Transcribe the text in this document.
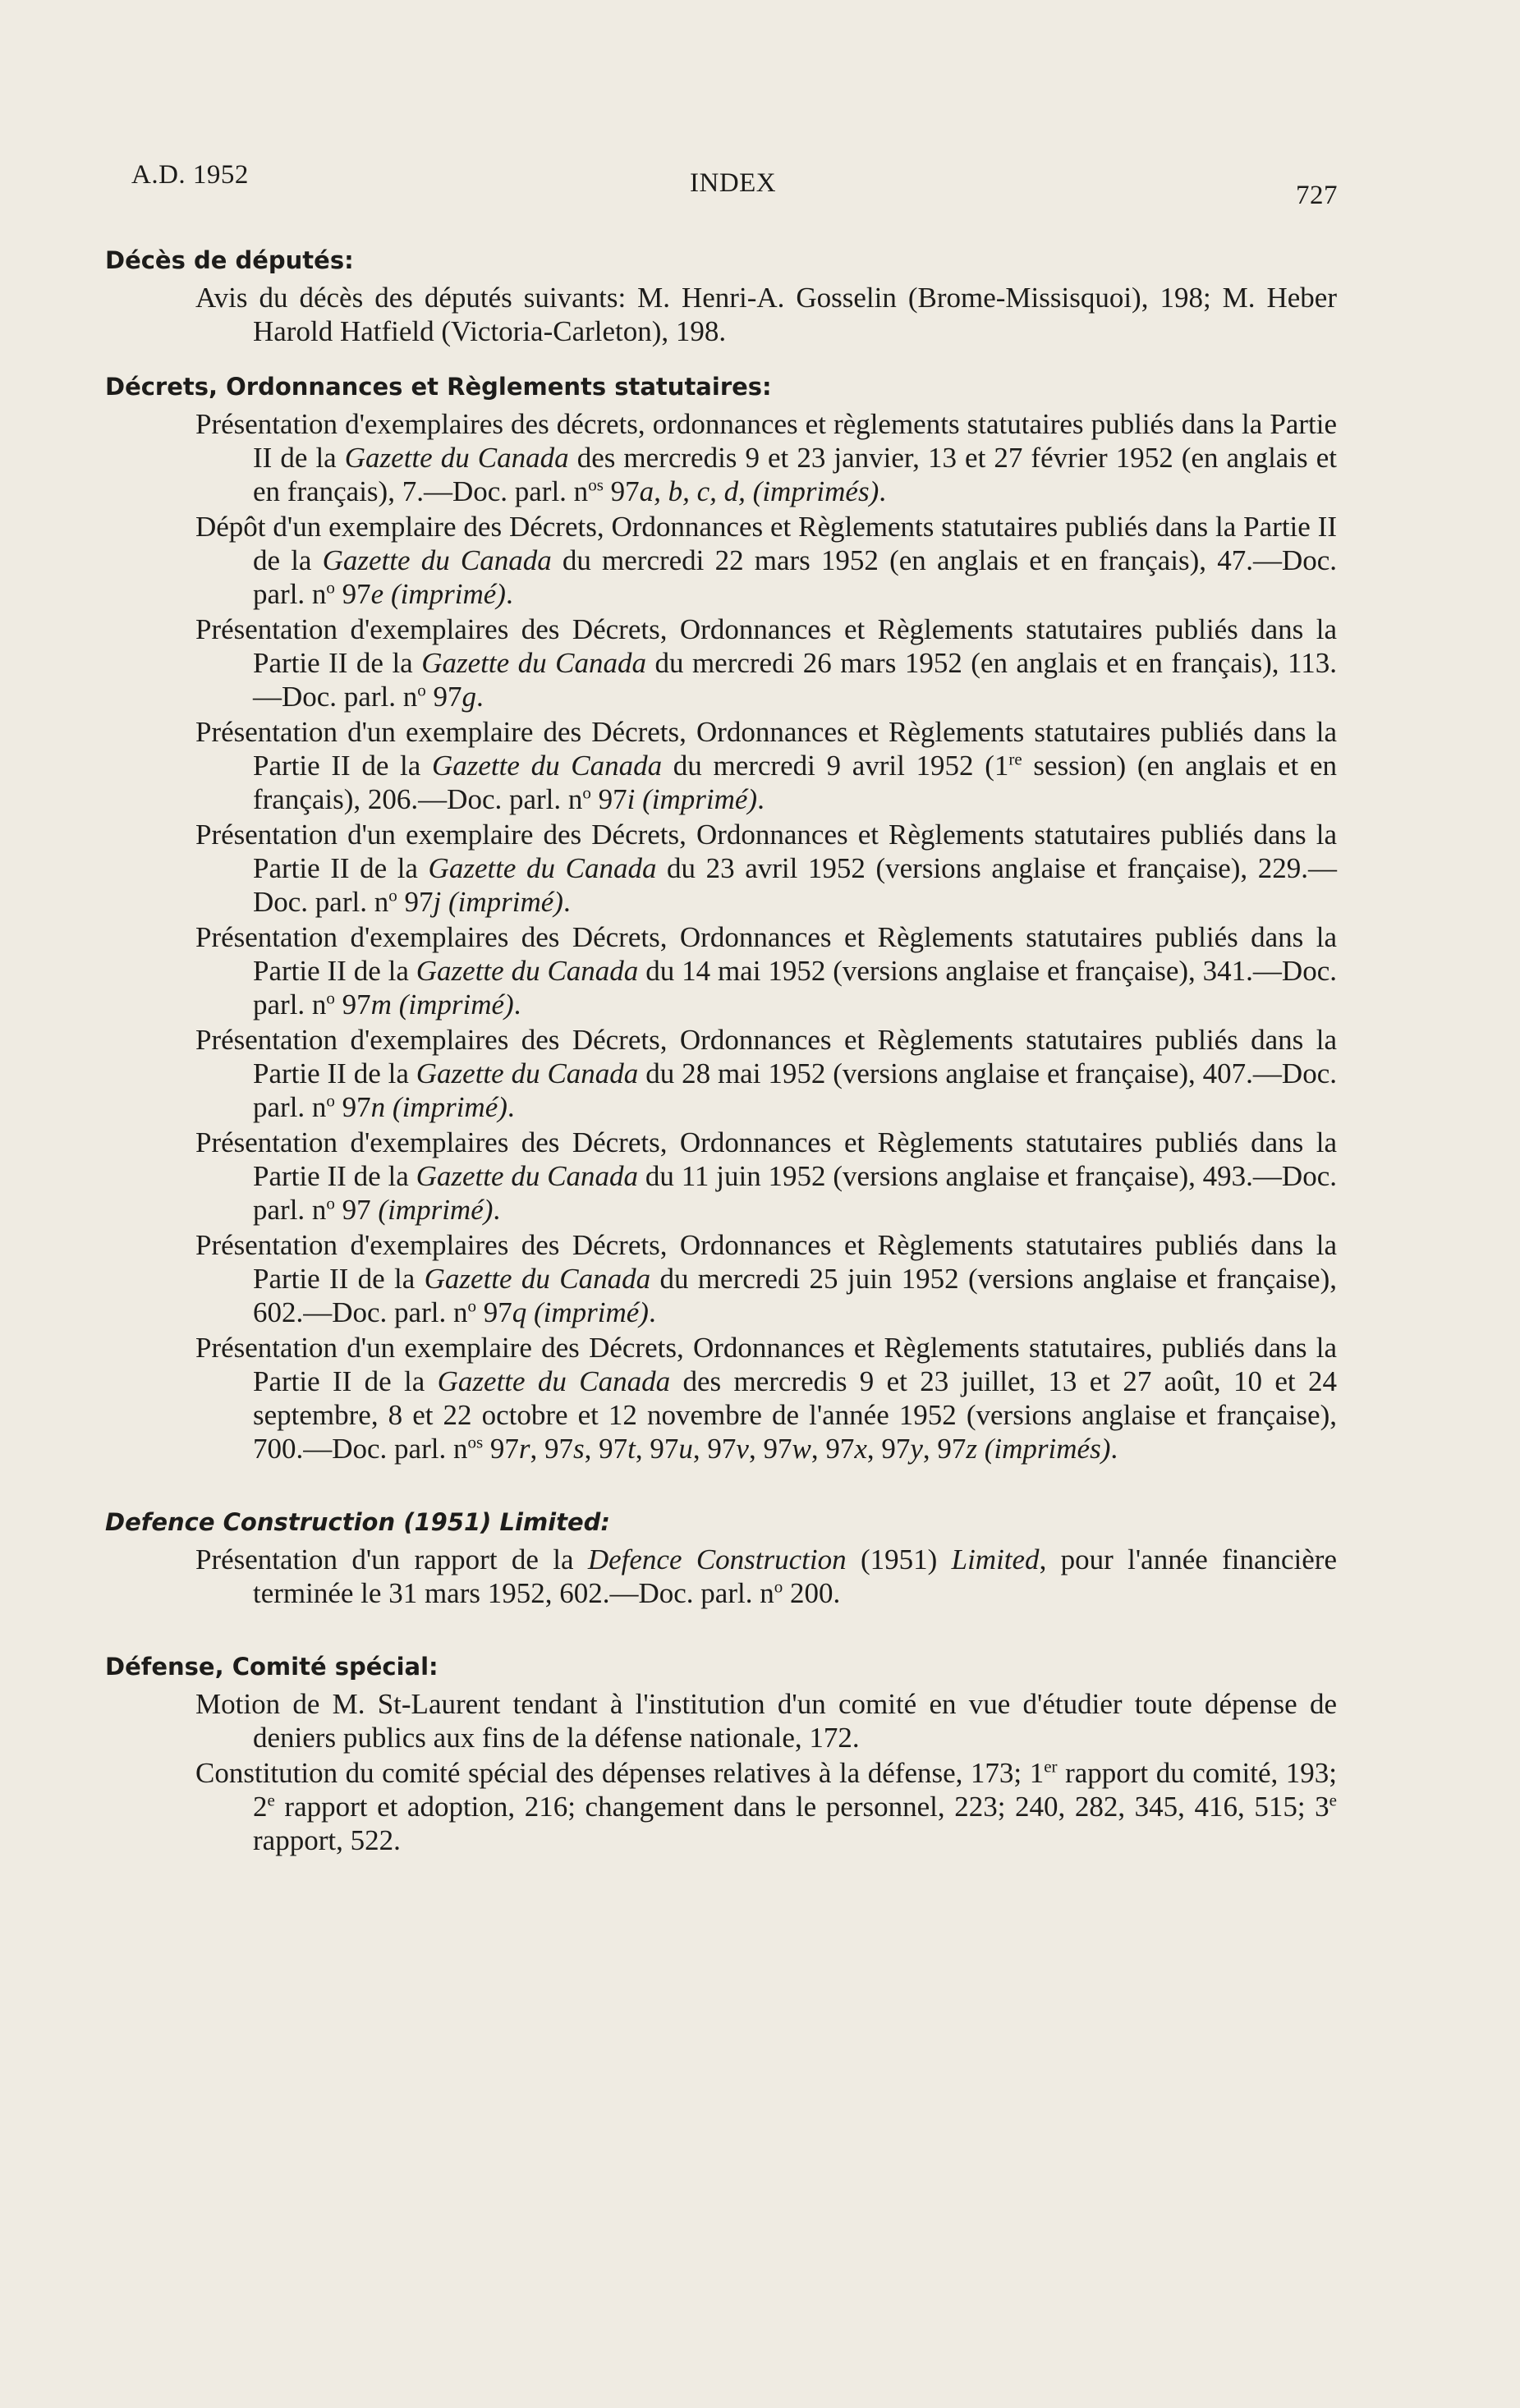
A.D. 1952	INDEX	727
Décès de députés:
Avis du décès des députés suivants: M. Henri-A. Gosselin (Brome-Missisquoi), 198; M. Heber Harold Hatfield (Victoria-Carleton), 198.
Décrets, Ordonnances et Règlements statutaires:
Présentation d'exemplaires des décrets, ordonnances et règlements statutaires publiés dans la Partie II de la Gazette du Canada des mercredis 9 et 23 janvier, 13 et 27 février 1952 (en anglais et en français), 7.—Doc. parl. $n^{os}$ 97a, b, c, d, (imprimés).
Dépôt d'un exemplaire des Décrets, Ordonnances et Règlements statutaires publiés dans la Partie II de la Gazette du Canada du mercredi 22 mars 1952 (en anglais et en français), 47.—Doc. parl. $n^o$ 97e (imprimé).
Présentation d'exemplaires des Décrets, Ordonnances et Règlements statutaires publiés dans la Partie II de la Gazette du Canada du mercredi 26 mars 1952 (en anglais et en français), 113.—Doc. parl. $n^o$ 97g.
Présentation d'un exemplaire des Décrets, Ordonnances et Règlements statutaires publiés dans la Partie II de la Gazette du Canada du mercredi 9 avril 1952 (1re session) (en anglais et en français), 206.—Doc. parl. $n^o$ 97i (imprimé).
Présentation d'un exemplaire des Décrets, Ordonnances et Règlements statutaires publiés dans la Partie II de la Gazette du Canada du 23 avril 1952 (versions anglaise et française), 229.—Doc. parl. $n^o$ 97j (imprimé).
Présentation d'exemplaires des Décrets, Ordonnances et Règlements statutaires publiés dans la Partie II de la Gazette du Canada du 14 mai 1952 (versions anglaise et française), 341.—Doc. parl. $n^o$ 97m (imprimé).
Présentation d'exemplaires des Décrets, Ordonnances et Règlements statutaires publiés dans la Partie II de la Gazette du Canada du 28 mai 1952 (versions anglaise et française), 407.—Doc. parl. $n^o$ 97n (imprimé).
Présentation d'exemplaires des Décrets, Ordonnances et Règlements statutaires publiés dans la Partie II de la Gazette du Canada du 11 juin 1952 (versions anglaise et française), 493.—Doc. parl. $n^o$ 97 (imprimé).
Présentation d'exemplaires des Décrets, Ordonnances et Règlements statutaires publiés dans la Partie II de la Gazette du Canada du mercredi 25 juin 1952 (versions anglaise et française), 602.—Doc. parl. $n^o$ 97q (imprimé).
Présentation d'un exemplaire des Décrets, Ordonnances et Règlements statutaires, publiés dans la Partie II de la Gazette du Canada des mercredis 9 et 23 juillet, 13 et 27 août, 10 et 24 septembre, 8 et 22 octobre et 12 novembre de l'année 1952 (versions anglaise et française), 700.—Doc. parl. $n^{os}$ 97r, 97s, 97t, 97u, 97v, 97w, 97x, 97y, 97z (imprimés).
Defence Construction (1951) Limited:
Présentation d'un rapport de la Defence Construction (1951) Limited, pour l'année financière terminée le 31 mars 1952, 602.—Doc. parl. $n^o$ 200.
Défense, Comité spécial:
Motion de M. St-Laurent tendant à l'institution d'un comité en vue d'étudier toute dépense de deniers publics aux fins de la défense nationale, 172.
Constitution du comité spécial des dépenses relatives à la défense, 173; 1er rapport du comité, 193; 2e rapport et adoption, 216; changement dans le personnel, 223; 240, 282, 345, 416, 515; 3e rapport, 522.
